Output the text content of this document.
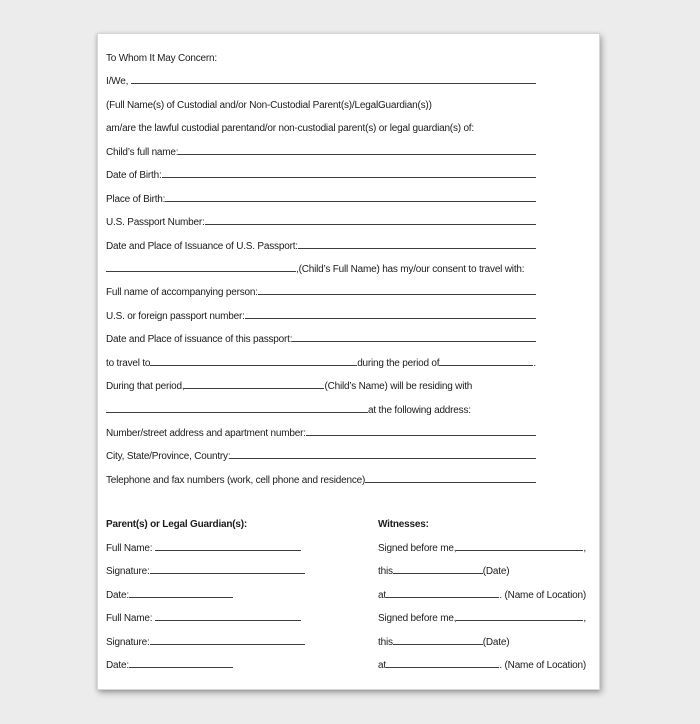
To Whom It May Concern:
I/We,
(Full Name(s) of Custodial and/or Non-Custodial Parent(s)/LegalGuardian(s))
am/are the lawful custodial parentand/or non-custodial parent(s) or legal guardian(s) of:
Child’s full name:
Date of Birth:
Place of Birth:
U.S. Passport Number:
Date and Place of Issuance of U.S. Passport:
,(Child’s Full Name) has my/our consent to travel with:
Full name of accompanying person:
U.S. or foreign passport number:
Date and Place of issuance of this passport:
to travel to	during the period of	.
During that period,	(Child’s Name) will be residing with
at the following address:
Number/street address and apartment number:
City, State/Province, Country:
Telephone and fax numbers (work, cell phone and residence)
Parent(s) or Legal Guardian(s):
Full Name:
Signature:
Date:
Full Name:
Signature:
Date:
Witnesses:
Signed before me,	,
this	(Date)
at	. (Name of Location)
Signed before me,	,
this	(Date)
at	. (Name of Location)
